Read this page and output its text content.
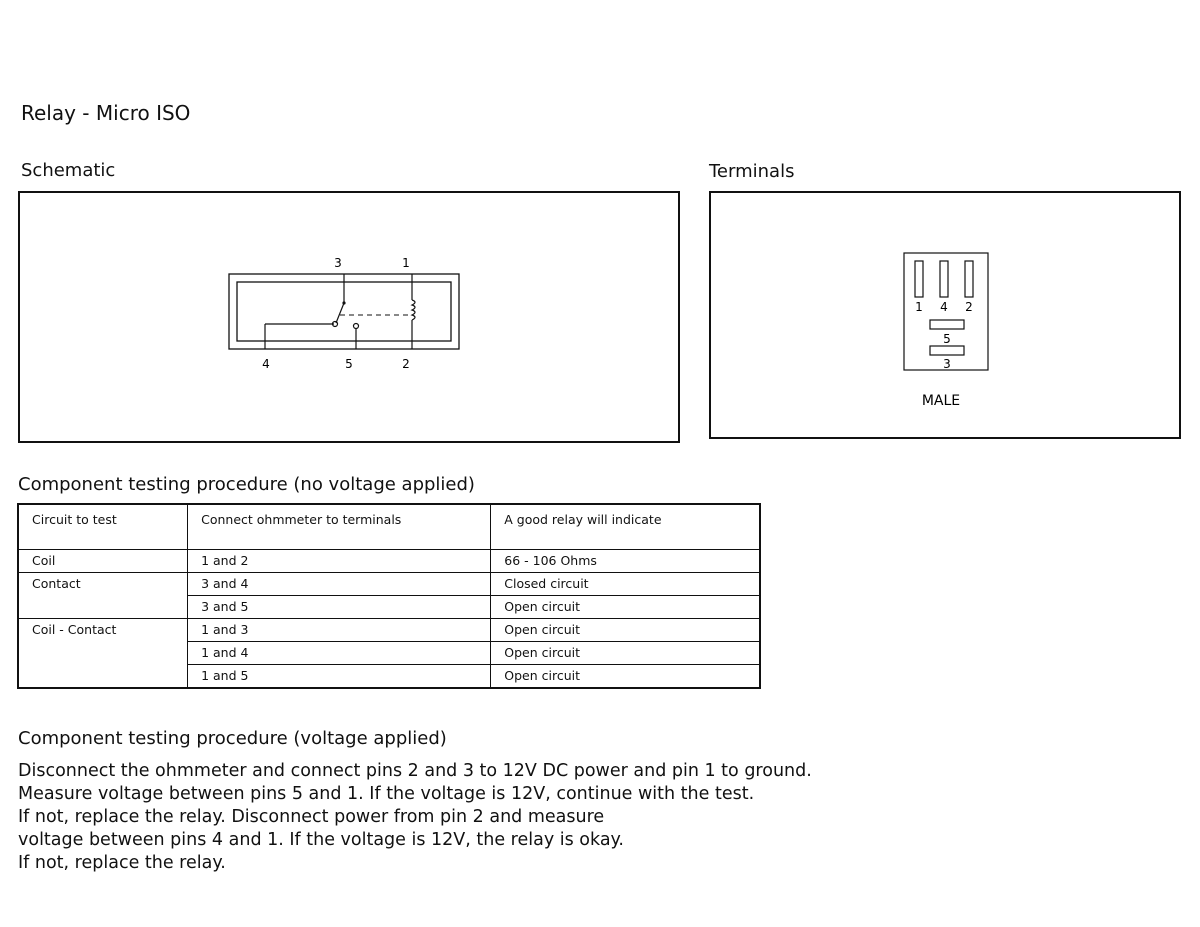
Relay - Micro ISO
Schematic	Terminals
3	1
4	5	2
1 4 2
5
3
MALE
Component testing procedure (no voltage applied)
Circuit to test	Connect ohmmeter to terminals	A good relay will indicate
Coil	1 and 2	66 - 106 Ohms
Contact	3 and 4	Closed circuit
	3 and 5	Open circuit
Coil - Contact	1 and 3	Open circuit
	1 and 4	Open circuit
	1 and 5	Open circuit
Component testing procedure (voltage applied)
Disconnect the ohmmeter and connect pins 2 and 3 to 12V DC power and pin 1 to ground.
Measure voltage between pins 5 and 1. If the voltage is 12V, continue with the test.
If not, replace the relay. Disconnect power from pin 2 and measure
voltage between pins 4 and 1. If the voltage is 12V, the relay is okay.
If not, replace the relay.
